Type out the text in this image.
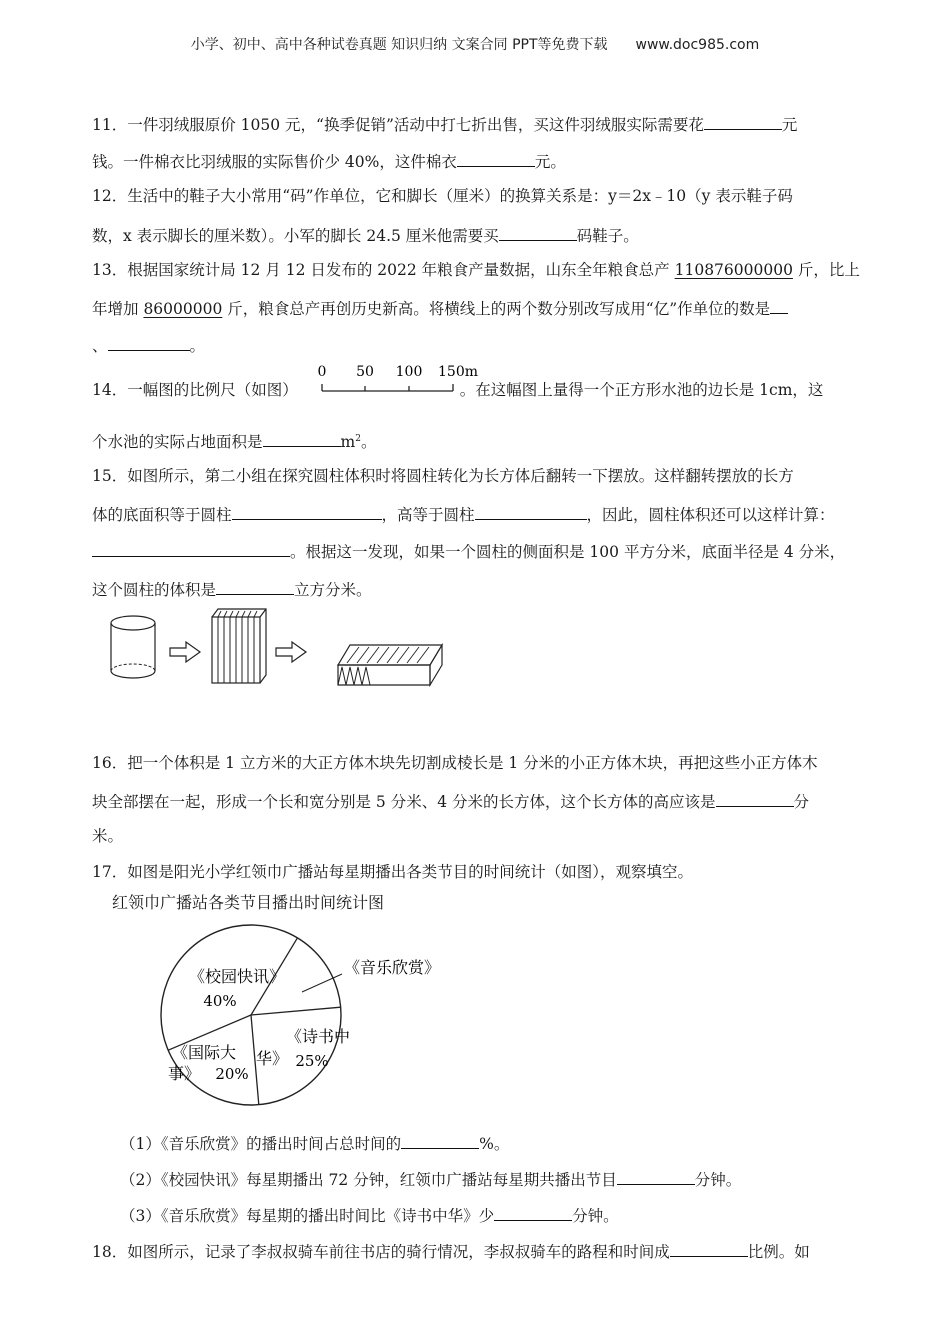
小学、初中、高中各种试卷真题 知识归纳 文案合同 PPT等免费下载 www.doc985.com
11．一件羽绒服原价 1050 元，“换季促销”活动中打七折出售，买这件羽绒服实际需要花	元
钱。一件棉衣比羽绒服的实际售价少 40%，这件棉衣	元。
12．生活中的鞋子大小常用“码”作单位，它和脚长（厘米）的换算关系是：y＝2x﹣10（y 表示鞋子码
数，x 表示脚长的厘米数）。小军的脚长 24.5 厘米他需要买	码鞋子。
13．根据国家统计局 12 月 12 日发布的 2022 年粮食产量数据，山东全年粮食总产 110876000000 斤，比上
年增加 86000000 斤，粮食总产再创历史新高。将横线上的两个数分别改写成用“亿”作单位的数是
、	。
14．一幅图的比例尺（如图）	。在这幅图上量得一个正方形水池的边长是 1cm，这
0 50 100 150m
个水池的实际占地面积是	$m^2$。
15．如图所示，第二小组在探究圆柱体积时将圆柱转化为长方体后翻转一下摆放。这样翻转摆放的长方
体的底面积等于圆柱	，高等于圆柱	，因此，圆柱体积还可以这样计算：
。根据这一发现，如果一个圆柱的侧面积是 100 平方分米，底面半径是 4 分米，
这个圆柱的体积是	立方分米。
16．把一个体积是 1 立方米的大正方体木块先切割成棱长是 1 分米的小正方体木块，再把这些小正方体木
块全部摆在一起，形成一个长和宽分别是 5 分米、4 分米的长方体，这个长方体的高应该是	分
米。
17．如图是阳光小学红领巾广播站每星期播出各类节目的时间统计（如图），观察填空。
红领巾广播站各类节目播出时间统计图
《校园快讯》
40%
《音乐欣赏》
《诗书中
华》 25%
《国际大
事》 20%
（1）《音乐欣赏》的播出时间占总时间的	%。
（2）《校园快讯》每星期播出 72 分钟，红领巾广播站每星期共播出节目	分钟。
（3）《音乐欣赏》每星期的播出时间比《诗书中华》少	分钟。
18．如图所示，记录了李叔叔骑车前往书店的骑行情况，李叔叔骑车的路程和时间成	比例。如
